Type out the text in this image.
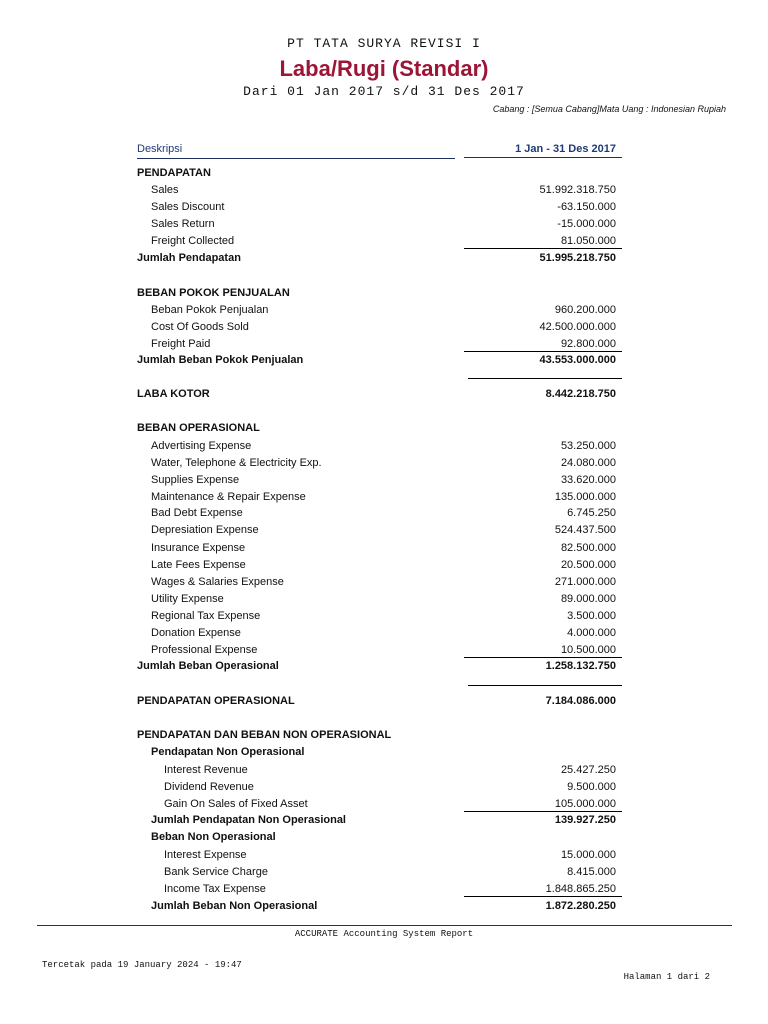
PT TATA SURYA REVISI I
Laba/Rugi (Standar)
Dari 01 Jan 2017 s/d 31 Des 2017
Cabang : [Semua Cabang]Mata Uang : Indonesian Rupiah
Deskripsi	1 Jan - 31 Des 2017
PENDAPATAN
Sales	51.992.318.750
Sales Discount	-63.150.000
Sales Return	-15.000.000
Freight Collected	81.050.000
Jumlah Pendapatan	51.995.218.750
BEBAN POKOK PENJUALAN
Beban Pokok Penjualan	960.200.000
Cost Of Goods Sold	42.500.000.000
Freight Paid	92.800.000
Jumlah Beban Pokok Penjualan	43.553.000.000
LABA KOTOR	8.442.218.750
BEBAN OPERASIONAL
Advertising Expense	53.250.000
Water, Telephone & Electricity Exp.	24.080.000
Supplies Expense	33.620.000
Maintenance & Repair Expense	135.000.000
Bad Debt Expense	6.745.250
Depresiation Expense	524.437.500
Insurance Expense	82.500.000
Late Fees Expense	20.500.000
Wages & Salaries Expense	271.000.000
Utility Expense	89.000.000
Regional Tax Expense	3.500.000
Donation Expense	4.000.000
Professional Expense	10.500.000
Jumlah Beban Operasional	1.258.132.750
PENDAPATAN OPERASIONAL	7.184.086.000
PENDAPATAN DAN BEBAN NON OPERASIONAL
Pendapatan Non Operasional
Interest Revenue	25.427.250
Dividend Revenue	9.500.000
Gain On Sales of Fixed Asset	105.000.000
Jumlah Pendapatan Non Operasional	139.927.250
Beban Non Operasional
Interest Expense	15.000.000
Bank Service Charge	8.415.000
Income Tax Expense	1.848.865.250
Jumlah Beban Non Operasional	1.872.280.250
ACCURATE Accounting System Report
Tercetak pada 19 January 2024 - 19:47
Halaman 1 dari 2
